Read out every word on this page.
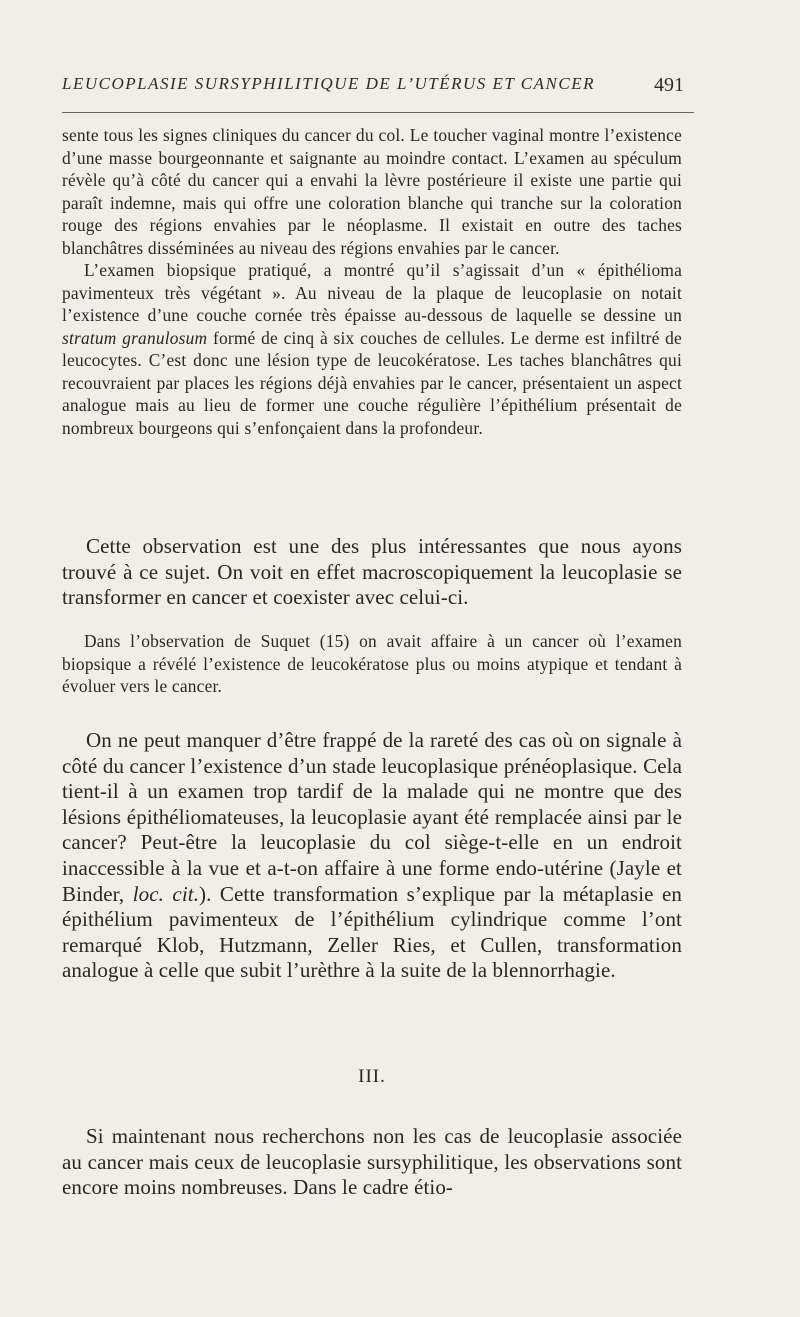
LEUCOPLASIE SURSYPHILITIQUE DE L’UTÉRUS ET CANCER	491

sente tous les signes cliniques du cancer du col. Le toucher vaginal montre l’existence d’une masse bourgeonnante et saignante au moindre contact. L’examen au spéculum révèle qu’à côté du cancer qui a envahi la lèvre postérieure il existe une partie qui paraît indemne, mais qui offre une coloration blanche qui tranche sur la coloration rouge des régions envahies par le néoplasme. Il existait en outre des taches blanchâtres disséminées au niveau des régions envahies par le cancer.

L’examen biopsique pratiqué, a montré qu’il s’agissait d’un « épithélioma pavimenteux très végétant ». Au niveau de la plaque de leucoplasie on notait l’existence d’une couche cornée très épaisse au-dessous de laquelle se dessine un stratum granulosum formé de cinq à six couches de cellules. Le derme est infiltré de leucocytes. C’est donc une lésion type de leucokératose. Les taches blanchâtres qui recouvraient par places les régions déjà envahies par le cancer, présentaient un aspect analogue mais au lieu de former une couche régulière l’épithélium présentait de nombreux bourgeons qui s’enfonçaient dans la profondeur.

Cette observation est une des plus intéressantes que nous ayons trouvé à ce sujet. On voit en effet macroscopiquement la leucoplasie se transformer en cancer et coexister avec celui-ci.

Dans l’observation de Suquet (15) on avait affaire à un cancer où l’examen biopsique a révélé l’existence de leucokératose plus ou moins atypique et tendant à évoluer vers le cancer.

On ne peut manquer d’être frappé de la rareté des cas où on signale à côté du cancer l’existence d’un stade leucoplasique prénéoplasique. Cela tient-il à un examen trop tardif de la malade qui ne montre que des lésions épithéliomateuses, la leucoplasie ayant été remplacée ainsi par le cancer? Peut-être la leucoplasie du col siège-t-elle en un endroit inaccessible à la vue et a-t-on affaire à une forme endo-utérine (Jayle et Binder, loc. cit.). Cette transformation s’explique par la métaplasie en épithélium pavimenteux de l’épithélium cylindrique comme l’ont remarqué Klob, Hutzmann, Zeller Ries, et Cullen, transformation analogue à celle que subit l’urèthre à la suite de la blennorrhagie.

III.

Si maintenant nous recherchons non les cas de leucoplasie associée au cancer mais ceux de leucoplasie sursyphilitique, les observations sont encore moins nombreuses. Dans le cadre étio-
